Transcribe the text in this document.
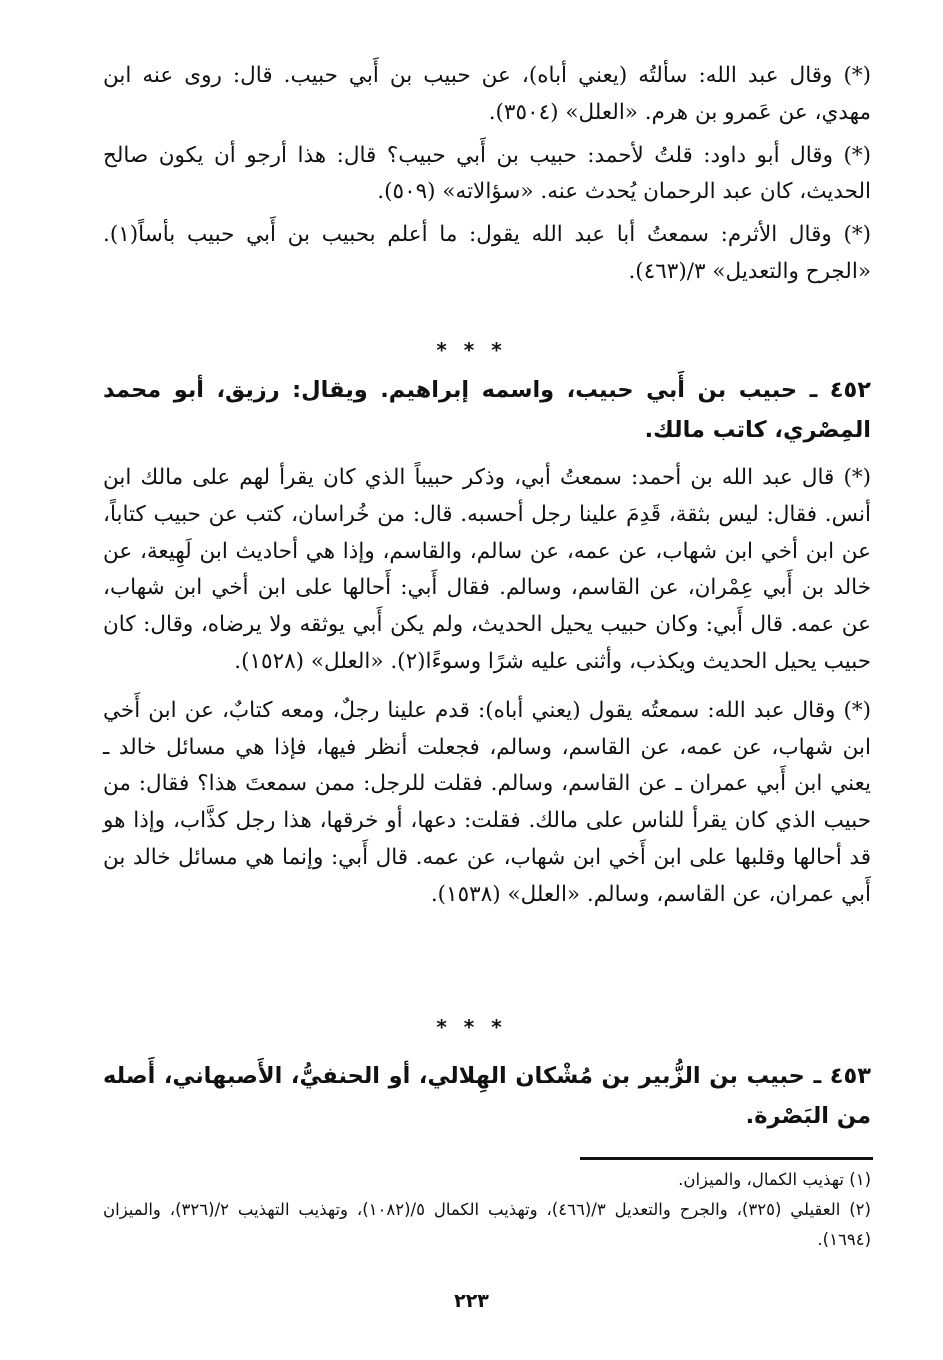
(*) وقال عبد الله: سألتُه (يعني أباه)، عن حبيب بن أَبي حبيب. قال: روى عنه ابن مهدي، عن عَمرو بن هرم. «العلل» (٣٥٠٤).

(*) وقال أبو داود: قلتُ لأحمد: حبيب بن أَبي حبيب؟ قال: هذا أرجو أن يكون صالح الحديث، كان عبد الرحمان يُحدث عنه. «سؤالاته» (٥٠٩).

(*) وقال الأثرم: سمعتُ أبا عبد الله يقول: ما أعلم بحبيب بن أَبي حبيب بأساً(١). «الجرح والتعديل» ٣/(٤٦٣).

* * *

٤٥٢ ـ حبيب بن أَبي حبيب، واسمه إبراهيم. ويقال: رزيق، أبو محمد المِصْري، كاتب مالك.

(*) قال عبد الله بن أحمد: سمعتُ أبي، وذكر حبيباً الذي كان يقرأ لهم على مالك ابن أنس. فقال: ليس بثقة، قَدِمَ علينا رجل أحسبه. قال: من خُراسان، كتب عن حبيب كتاباً، عن ابن أخي ابن شهاب، عن عمه، عن سالم، والقاسم، وإذا هي أحاديث ابن لَهِيعة، عن خالد بن أَبي عِمْران، عن القاسم، وسالم. فقال أَبي: أَحالها على ابن أخي ابن شهاب، عن عمه. قال أَبي: وكان حبيب يحيل الحديث، ولم يكن أَبي يوثقه ولا يرضاه، وقال: كان حبيب يحيل الحديث ويكذب، وأثنى عليه شرًا وسوءًا(٢). «العلل» (١٥٢٨).

(*) وقال عبد الله: سمعتُه يقول (يعني أباه): قدم علينا رجلٌ، ومعه كتابٌ، عن ابن أَخي ابن شهاب، عن عمه، عن القاسم، وسالم، فجعلت أنظر فيها، فإذا هي مسائل خالد ـ يعني ابن أَبي عمران ـ عن القاسم، وسالم. فقلت للرجل: ممن سمعتَ هذا؟ فقال: من حبيب الذي كان يقرأ للناس على مالك. فقلت: دعها، أو خرقها، هذا رجل كذَّاب، وإذا هو قد أحالها وقلبها على ابن أَخي ابن شهاب، عن عمه. قال أَبي: وإنما هي مسائل خالد بن أَبي عمران، عن القاسم، وسالم. «العلل» (١٥٣٨).

* * *

٤٥٣ ـ حبيب بن الزُّبير بن مُشْكان الهِلالي، أو الحنفيُّ، الأَصبهاني، أَصله من البَصْرة.

(١) تهذيب الكمال، والميزان.

(٢) العقيلي (٣٢٥)، والجرح والتعديل ٣/(٤٦٦)، وتهذيب الكمال ٥/(١٠٨٢)، وتهذيب التهذيب ٢/(٣٢٦)، والميزان (١٦٩٤).

٢٢٣
